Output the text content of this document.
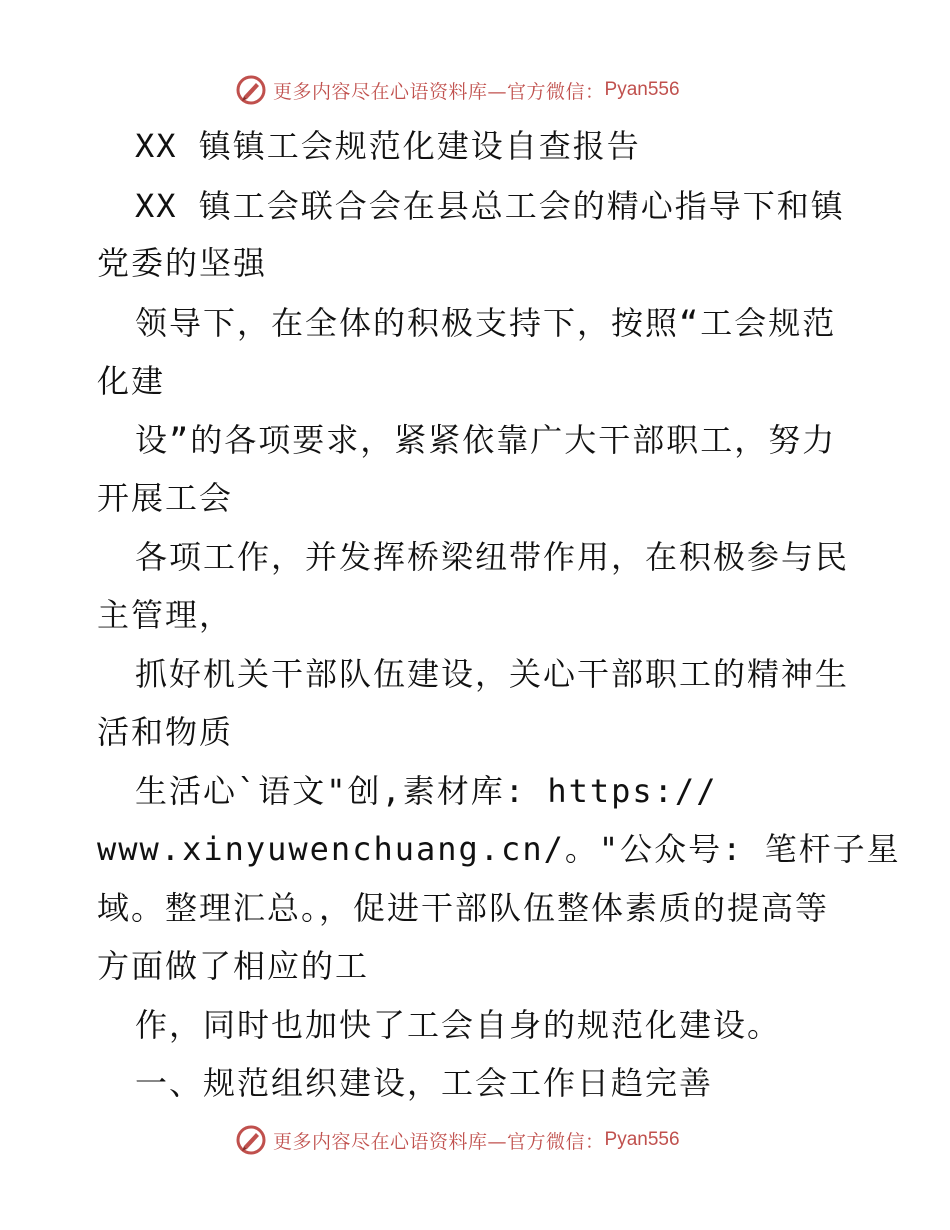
更多内容尽在心语资料库—官方微信： Pyan556
XX 镇镇工会规范化建设自查报告
XX 镇工会联合会在县总工会的精心指导下和镇
党委的坚强
领导下，在全体的积极支持下，按照“工会规范
化建
设”的各项要求，紧紧依靠广大干部职工，努力
开展工会
各项工作，并发挥桥梁纽带作用，在积极参与民
主管理，
抓好机关干部队伍建设，关心干部职工的精神生
活和物质
生活心`语文"创,素材库: https://
www.xinyuwenchuang.cn/。"公众号: 笔杆子星
域。整理汇总。，促进干部队伍整体素质的提高等
方面做了相应的工
作，同时也加快了工会自身的规范化建设。
一、规范组织建设，工会工作日趋完善
更多内容尽在心语资料库—官方微信： Pyan556
